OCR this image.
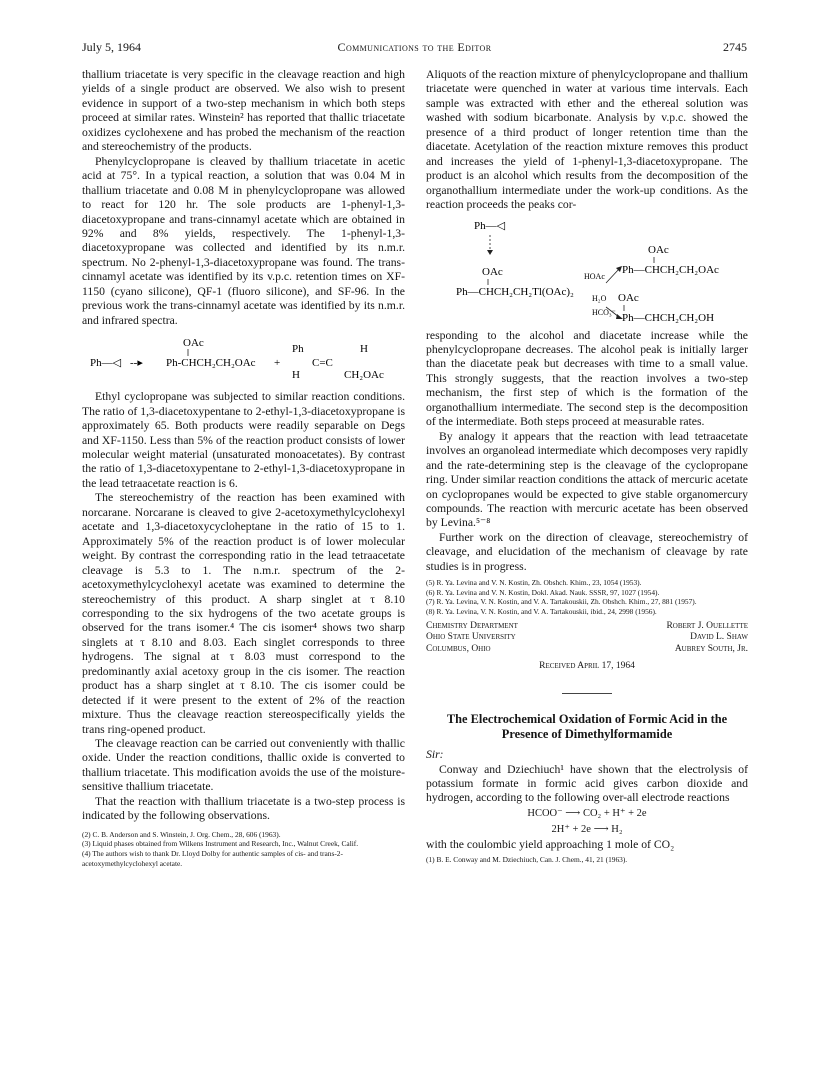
July 5, 1964	Communications to the Editor	2745

thallium triacetate is very specific in the cleavage reaction and high yields of a single product are observed. We also wish to present evidence in support of a two-step mechanism in which both steps proceed at similar rates. Winstein² has reported that thallic triacetate oxidizes cyclohexene and has probed the mechanism of the reaction and stereochemistry of the products.

Phenylcyclopropane is cleaved by thallium triacetate in acetic acid at 75°. In a typical reaction, a solution that was 0.04 M in thallium triacetate and 0.08 M in phenylcyclopropane was allowed to react for 120 hr. The sole products are 1-phenyl-1,3-diacetoxypropane and trans-cinnamyl acetate which are obtained in 92% and 8% yields, respectively. The 1-phenyl-1,3-diacetoxypropane was collected and identified by its n.m.r. spectrum. No 2-phenyl-1,3-diacetoxypropane was found. The trans-cinnamyl acetate was identified by its v.p.c. retention times on XF-1150 (cyano silicone), QF-1 (fluoro silicone), and SF-96. In the previous work the trans-cinnamyl acetate was identified by its n.m.r. and infrared spectra.

Ph—◁ --▸
OAc
Ph-CHCH₂CH₂OAc +
Ph	H
C=C
H	CH₂OAc

Ethyl cyclopropane was subjected to similar reaction conditions. The ratio of 1,3-diacetoxypentane to 2-ethyl-1,3-diacetoxypropane is approximately 65. Both products were readily separable on Degs and XF-1150. Less than 5% of the reaction product consists of lower molecular weight material (unsaturated monoacetates). By contrast the ratio of 1,3-diacetoxypentane to 2-ethyl-1,3-diacetoxypropane in the lead tetraacetate reaction is 6.

The stereochemistry of the reaction has been examined with norcarane. Norcarane is cleaved to give 2-acetoxymethylcyclohexyl acetate and 1,3-diacetoxycycloheptane in the ratio of 15 to 1. Approximately 5% of the reaction product is of lower molecular weight. By contrast the corresponding ratio in the lead tetraacetate cleavage is 5.3 to 1. The n.m.r. spectrum of the 2-acetoxymethylcyclohexyl acetate was examined to determine the stereochemistry of this product. A sharp singlet at τ 8.10 corresponding to the six hydrogens of the two acetate groups is observed for the trans isomer.⁴ The cis isomer⁴ shows two sharp singlets at τ 8.10 and 8.03. Each singlet corresponds to three hydrogens. The signal at τ 8.03 must correspond to the predominantly axial acetoxy group in the cis isomer. The reaction product has a sharp singlet at τ 8.10. The cis isomer could be detected if it were present to the extent of 2% of the reaction mixture. Thus the cleavage reaction stereospecifically yields the trans ring-opened product.

The cleavage reaction can be carried out conveniently with thallic oxide. Under the reaction conditions, thallic oxide is converted to thallium triacetate. This modification avoids the use of the moisture-sensitive thallium triacetate.

That the reaction with thallium triacetate is a two-step process is indicated by the following observations.

(2) C. B. Anderson and S. Winstein, J. Org. Chem., 28, 606 (1963).

(3) Liquid phases obtained from Wilkens Instrument and Research, Inc., Walnut Creek, Calif.

(4) The authors wish to thank Dr. Lloyd Dolby for authentic samples of cis- and trans-2-acetoxymethylcyclohexyl acetate.

Aliquots of the reaction mixture of phenylcyclopropane and thallium triacetate were quenched in water at various time intervals. Each sample was extracted with ether and the ethereal solution was washed with sodium bicarbonate. Analysis by v.p.c. showed the presence of a third product of longer retention time than the diacetate. Acetylation of the reaction mixture removes this product and increases the yield of 1-phenyl-1,3-diacetoxypropane. The product is an alcohol which results from the decomposition of the organothallium intermediate under the work-up conditions. As the reaction proceeds the peaks cor-

Ph—◁
OAc
Ph—CHCH₂CH₂Tl(OAc)₂
HOAc
OAc
Ph—CHCH₂CH₂OAc
H₂O OAc
HCO₃⁻ Ph—CHCH₂CH₂OH

responding to the alcohol and diacetate increase while the phenylcyclopropane decreases. The alcohol peak is initially larger than the diacetate peak but decreases with time to a small value. This strongly suggests, that the reaction involves a two-step mechanism, the first step of which is the formation of the organothallium intermediate. The second step is the decomposition of the intermediate. Both steps proceed at measurable rates.

By analogy it appears that the reaction with lead tetraacetate involves an organolead intermediate which decomposes very rapidly and the rate-determining step is the cleavage of the cyclopropane ring. Under similar reaction conditions the attack of mercuric acetate on cyclopropanes would be expected to give stable organomercury compounds. The reaction with mercuric acetate has been observed by Levina.⁵⁻⁸

Further work on the direction of cleavage, stereochemistry of cleavage, and elucidation of the mechanism of cleavage by rate studies is in progress.

(5) R. Ya. Levina and V. N. Kostin, Zh. Obshch. Khim., 23, 1054 (1953).

(6) R. Ya. Levina and V. N. Kostin, Dokl. Akad. Nauk. SSSR, 97, 1027 (1954).

(7) R. Ya. Levina, V. N. Kostin, and V. A. Tartakouskii, Zh. Obshch. Khim., 27, 881 (1957).

(8) R. Ya. Levina, V. N. Kostin, and V. A. Tartakouskii, ibid., 24, 2998 (1956).

Chemistry Department
Ohio State University
Columbus, Ohio
Robert J. Ouellette
David L. Shaw
Aubrey South, Jr.
Received April 17, 1964
The Electrochemical Oxidation of Formic Acid in the Presence of Dimethylformamide

Sir:

Conway and Dziechiuch¹ have shown that the electrolysis of potassium formate in formic acid gives carbon dioxide and hydrogen, according to the following over-all electrode reactions

HCOO⁻ ⟶ CO₂ + H⁺ + 2e
2H⁺ + 2e ⟶ H₂

with the coulombic yield approaching 1 mole of CO₂

(1) B. E. Conway and M. Dziechiuch, Can. J. Chem., 41, 21 (1963).
